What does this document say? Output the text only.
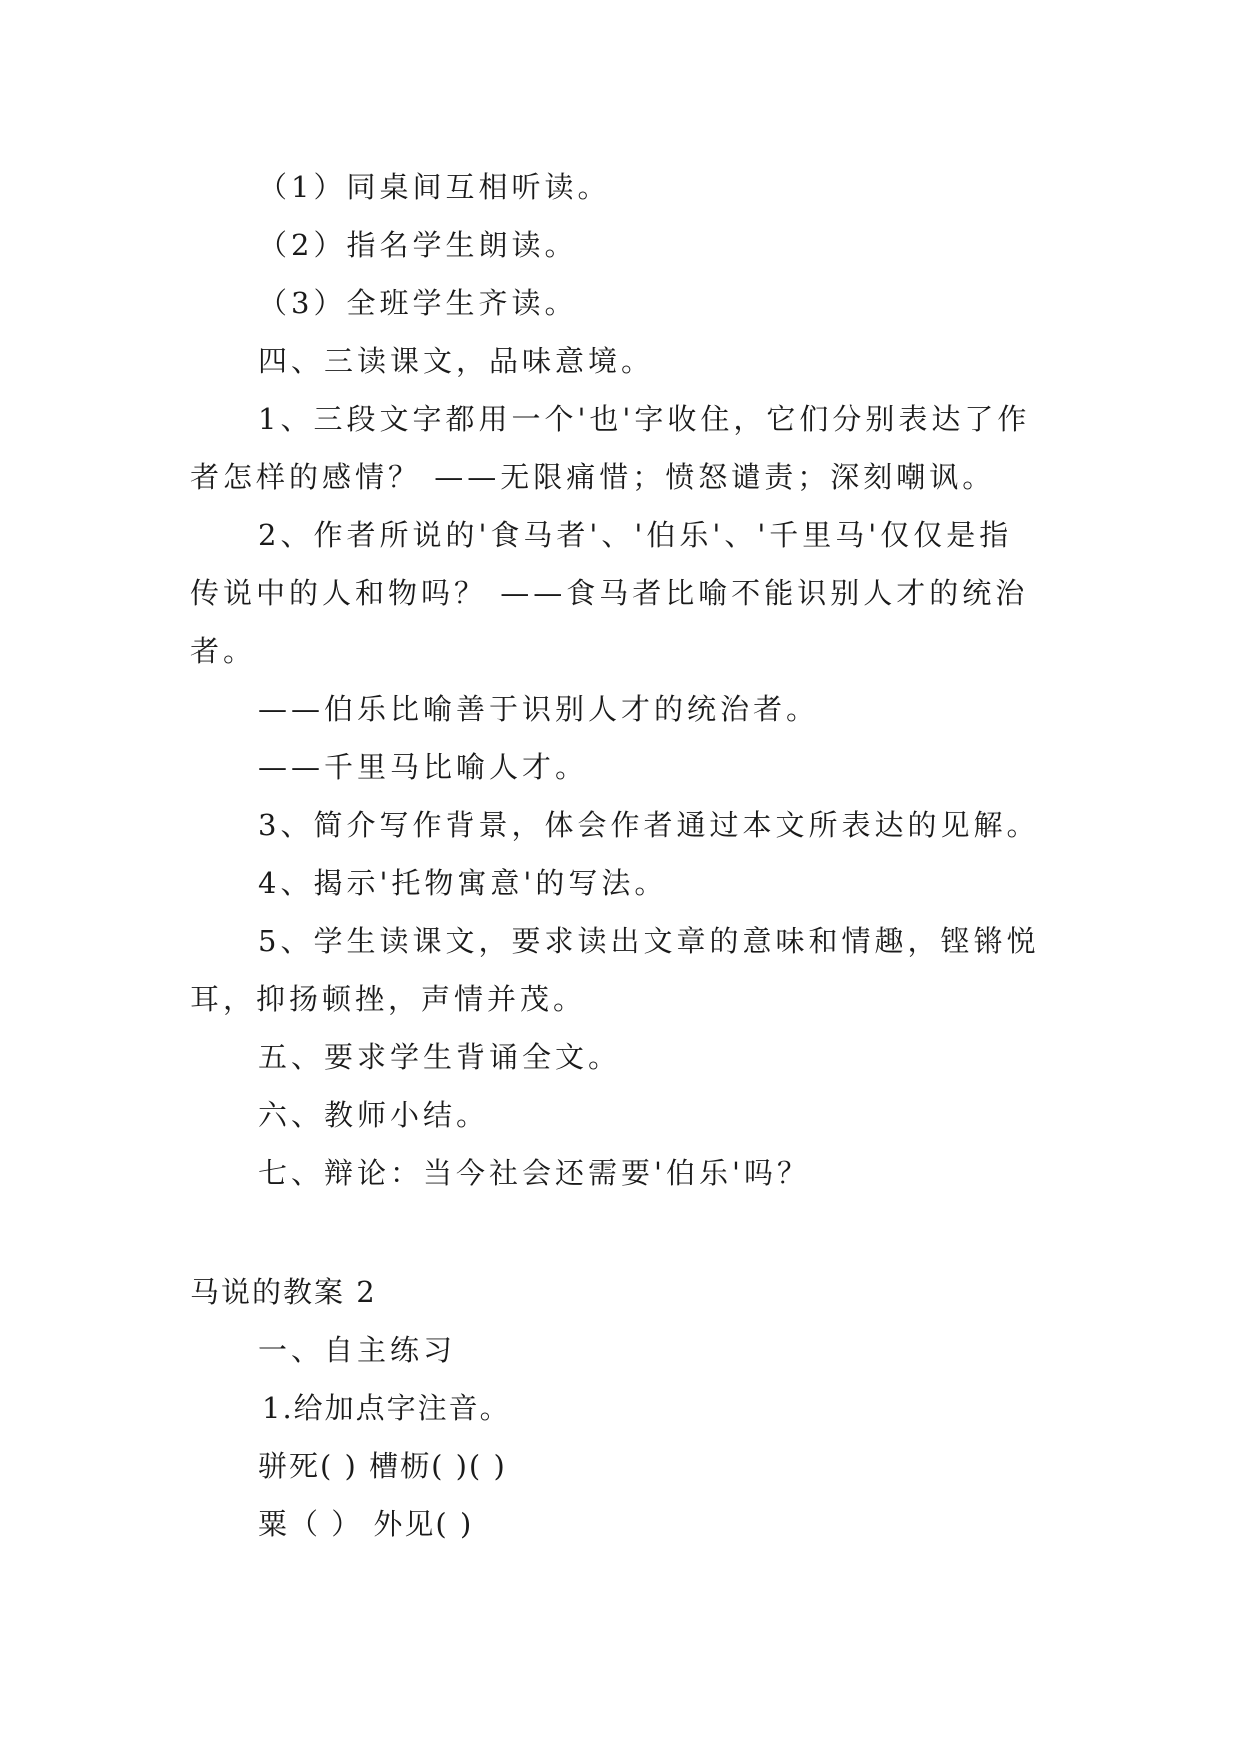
（1）同桌间互相听读。
（2）指名学生朗读。
（3）全班学生齐读。
四、三读课文，品味意境。
1、三段文字都用一个'也'字收住，它们分别表达了作
者怎样的感情？ ——无限痛惜；愤怒谴责；深刻嘲讽。
2、作者所说的'食马者'、'伯乐'、'千里马'仅仅是指
传说中的人和物吗？ ——食马者比喻不能识别人才的统治
者。
——伯乐比喻善于识别人才的统治者。
——千里马比喻人才。
3、简介写作背景，体会作者通过本文所表达的见解。
4、揭示'托物寓意'的写法。
5、学生读课文，要求读出文章的意味和情趣，铿锵悦
耳，抑扬顿挫，声情并茂。
五、要求学生背诵全文。
六、教师小结。
七、辩论：当今社会还需要'伯乐'吗？
马说的教案 2
一、自主练习
1.给加点字注音。
骈死( ) 槽枥( )( )
粟（ ） 外见( )
